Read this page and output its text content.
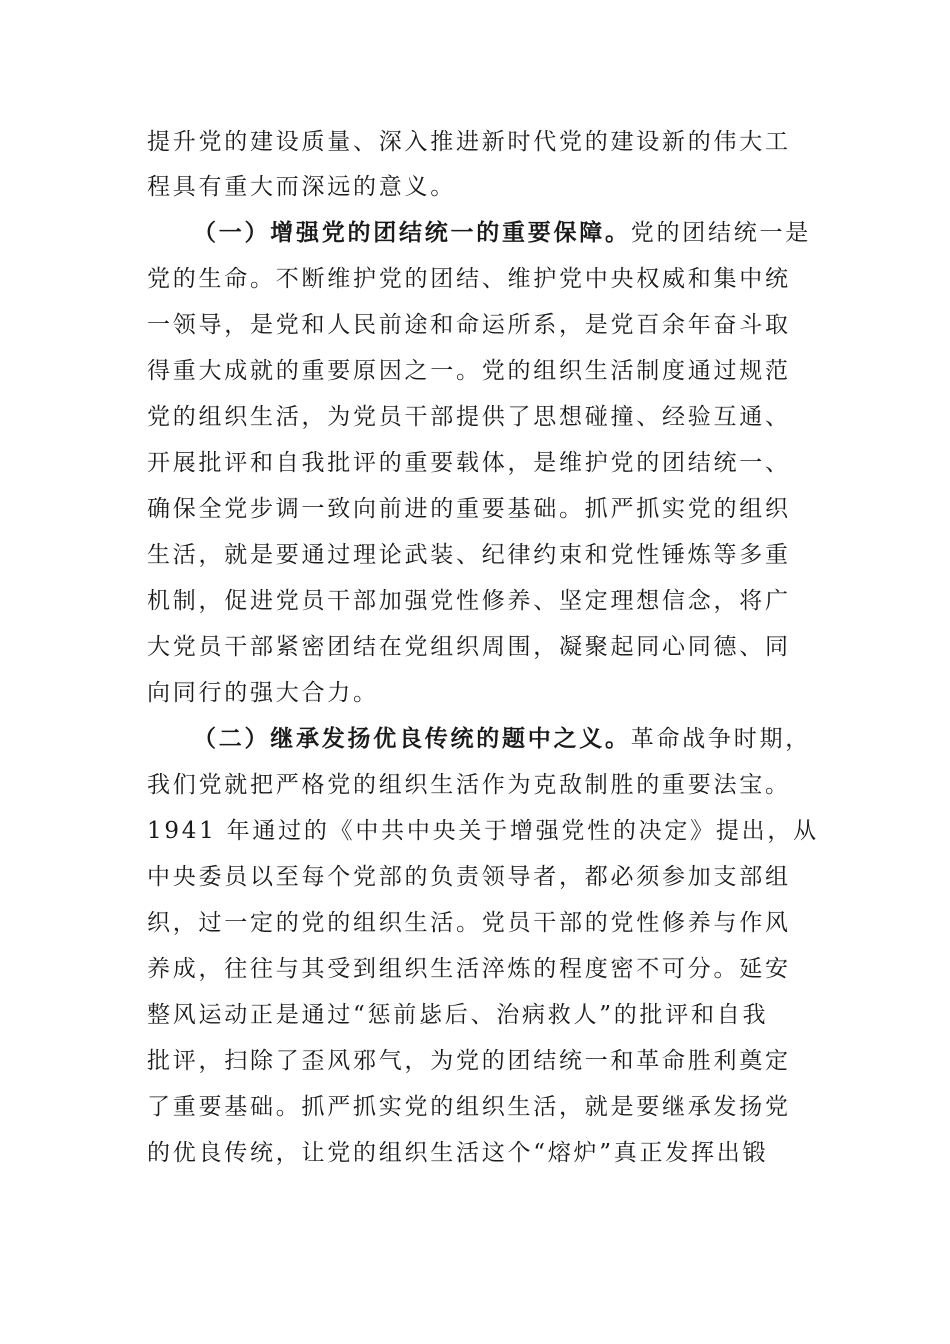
提升党的建设质量、深入推进新时代党的建设新的伟大工

程具有重大而深远的意义。

（一）增强党的团结统一的重要保障。党的团结统一是

党的生命。不断维护党的团结、维护党中央权威和集中统

一领导，是党和人民前途和命运所系，是党百余年奋斗取

得重大成就的重要原因之一。党的组织生活制度通过规范

党的组织生活，为党员干部提供了思想碰撞、经验互通、

开展批评和自我批评的重要载体，是维护党的团结统一、

确保全党步调一致向前进的重要基础。抓严抓实党的组织

生活，就是要通过理论武装、纪律约束和党性锤炼等多重

机制，促进党员干部加强党性修养、坚定理想信念，将广

大党员干部紧密团结在党组织周围，凝聚起同心同德、同

向同行的强大合力。

（二）继承发扬优良传统的题中之义。革命战争时期，

我们党就把严格党的组织生活作为克敌制胜的重要法宝。

1941 年通过的《中共中央关于增强党性的决定》提出，从

中央委员以至每个党部的负责领导者，都必须参加支部组

织，过一定的党的组织生活。党员干部的党性修养与作风

养成，往往与其受到组织生活淬炼的程度密不可分。延安

整风运动正是通过“惩前毖后、治病救人”的批评和自我

批评，扫除了歪风邪气，为党的团结统一和革命胜利奠定

了重要基础。抓严抓实党的组织生活，就是要继承发扬党

的优良传统，让党的组织生活这个“熔炉”真正发挥出锻
